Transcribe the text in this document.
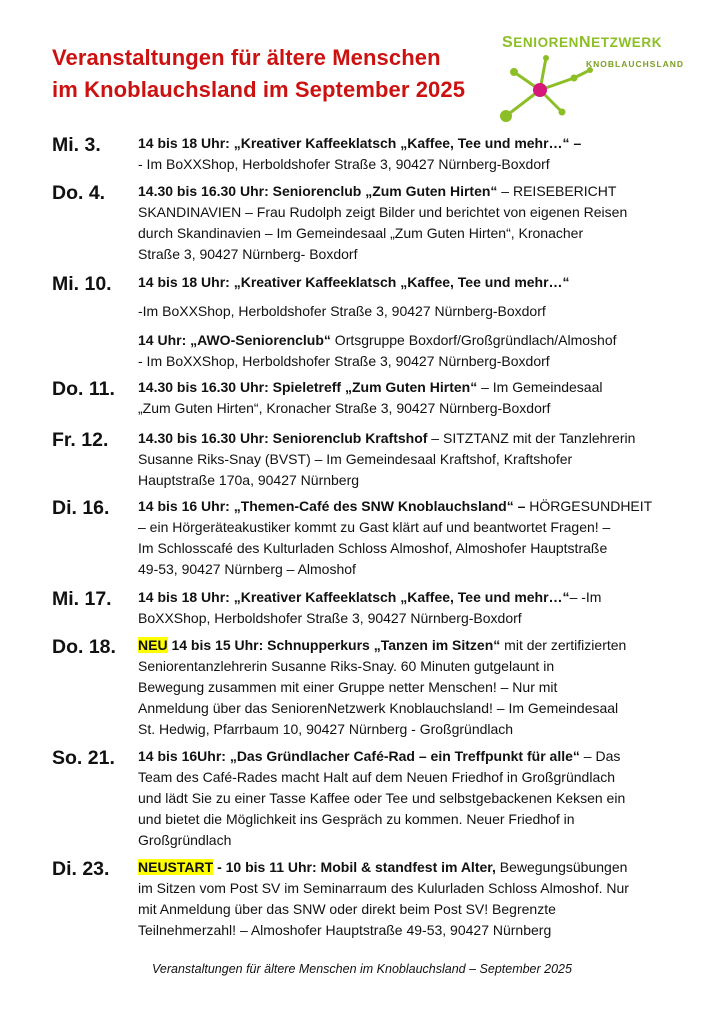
Veranstaltungen für ältere Menschen
im Knoblauchsland im September 2025
SENIORENNETZWERK
KNOBLAUCHSLAND
Mi. 3.	14 bis 18 Uhr: „Kreativer Kaffeeklatsch „Kaffee, Tee und mehr…“ –
- Im BoXXShop, Herboldshofer Straße 3, 90427 Nürnberg-Boxdorf
Do. 4. 14.30 bis 16.30 Uhr: Seniorenclub „Zum Guten Hirten“ – REISEBERICHT
SKANDINAVIEN – Frau Rudolph zeigt Bilder und berichtet von eigenen Reisen
durch Skandinavien – Im Gemeindesaal „Zum Guten Hirten“, Kronacher
Straße 3, 90427 Nürnberg- Boxdorf
Mi. 10. 14 bis 18 Uhr: „Kreativer Kaffeeklatsch „Kaffee, Tee und mehr…“
-Im BoXXShop, Herboldshofer Straße 3, 90427 Nürnberg-Boxdorf
14 Uhr: „AWO-Seniorenclub“ Ortsgruppe Boxdorf/Großgründlach/Almoshof
- Im BoXXShop, Herboldshofer Straße 3, 90427 Nürnberg-Boxdorf
Do. 11. 14.30 bis 16.30 Uhr: Spieletreff „Zum Guten Hirten“ – Im Gemeindesaal
„Zum Guten Hirten“, Kronacher Straße 3, 90427 Nürnberg-Boxdorf
Fr. 12. 14.30 bis 16.30 Uhr: Seniorenclub Kraftshof – SITZTANZ mit der Tanzlehrerin
Susanne Riks-Snay (BVST) – Im Gemeindesaal Kraftshof, Kraftshofer
Hauptstraße 170a, 90427 Nürnberg
Di. 16. 14 bis 16 Uhr: „Themen-Café des SNW Knoblauchsland“ – HÖRGESUNDHEIT
– ein Hörgeräteakustiker kommt zu Gast klärt auf und beantwortet Fragen! –
Im Schlosscafé des Kulturladen Schloss Almoshof, Almoshofer Hauptstraße
49-53, 90427 Nürnberg – Almoshof
Mi. 17. 14 bis 18 Uhr: „Kreativer Kaffeeklatsch „Kaffee, Tee und mehr…“– -Im
BoXXShop, Herboldshofer Straße 3, 90427 Nürnberg-Boxdorf
Do. 18. NEU 14 bis 15 Uhr: Schnupperkurs „Tanzen im Sitzen“ mit der zertifizierten
Seniorentanzlehrerin Susanne Riks-Snay. 60 Minuten gutgelaunt in
Bewegung zusammen mit einer Gruppe netter Menschen! – Nur mit
Anmeldung über das SeniorenNetzwerk Knoblauchsland! – Im Gemeindesaal
St. Hedwig, Pfarrbaum 10, 90427 Nürnberg - Großgründlach
So. 21. 14 bis 16Uhr: „Das Gründlacher Café-Rad – ein Treffpunkt für alle“ – Das
Team des Café-Rades macht Halt auf dem Neuen Friedhof in Großgründlach
und lädt Sie zu einer Tasse Kaffee oder Tee und selbstgebackenen Keksen ein
und bietet die Möglichkeit ins Gespräch zu kommen. Neuer Friedhof in
Großgründlach
Di. 23. NEUSTART - 10 bis 11 Uhr: Mobil & standfest im Alter, Bewegungsübungen
im Sitzen vom Post SV im Seminarraum des Kulurladen Schloss Almoshof. Nur
mit Anmeldung über das SNW oder direkt beim Post SV! Begrenzte
Teilnehmerzahl! – Almoshofer Hauptstraße 49-53, 90427 Nürnberg
Veranstaltungen für ältere Menschen im Knoblauchsland – September 2025
